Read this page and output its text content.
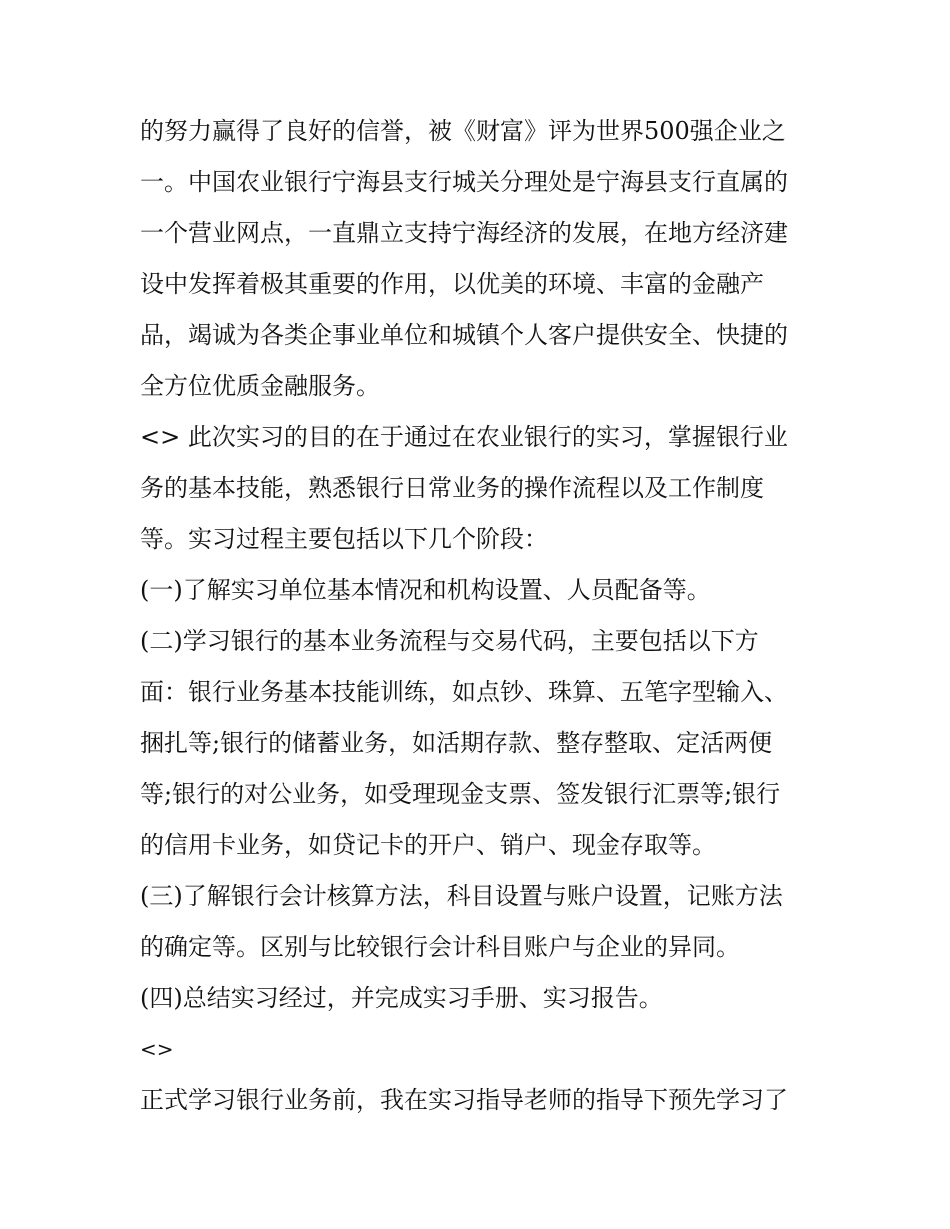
的努力赢得了良好的信誉，被《财富》评为世界500强企业之
一。中国农业银行宁海县支行城关分理处是宁海县支行直属的
一个营业网点，一直鼎立支持宁海经济的发展，在地方经济建
设中发挥着极其重要的作用，以优美的环境、丰富的金融产
品，竭诚为各类企事业单位和城镇个人客户提供安全、快捷的
全方位优质金融服务。
<> 此次实习的目的在于通过在农业银行的实习，掌握银行业
务的基本技能，熟悉银行日常业务的操作流程以及工作制度
等。实习过程主要包括以下几个阶段：
(一)了解实习单位基本情况和机构设置、人员配备等。
(二)学习银行的基本业务流程与交易代码，主要包括以下方
面：银行业务基本技能训练，如点钞、珠算、五笔字型输入、
捆扎等;银行的储蓄业务，如活期存款、整存整取、定活两便
等;银行的对公业务，如受理现金支票、签发银行汇票等;银行
的信用卡业务，如贷记卡的开户、销户、现金存取等。
(三)了解银行会计核算方法，科目设置与账户设置，记账方法
的确定等。区别与比较银行会计科目账户与企业的异同。
(四)总结实习经过，并完成实习手册、实习报告。
<>
正式学习银行业务前，我在实习指导老师的指导下预先学习了
